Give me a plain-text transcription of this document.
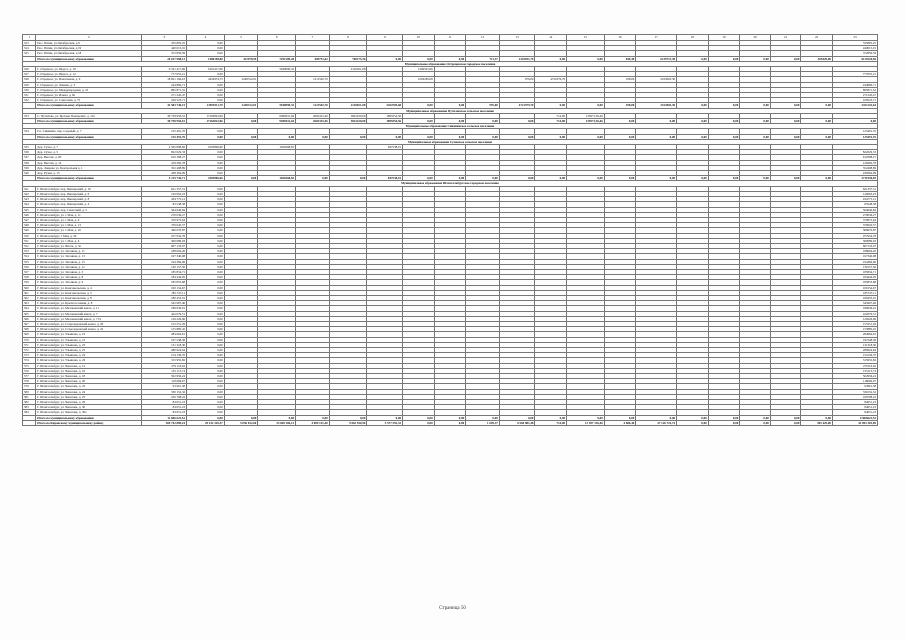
1	2	3	4	5	6	7	8	9	10	11	12	13	14	15	16	17	18	19	20	21	22	23
523	Пос. Пятин, ул.Октябрьская, д.9	335 805,25	0,00																			335805,25
524	Пос. Пятин, ул.Октябрьская, д.19	440 015,91	0,00																			440015,91
525	Пос. Пятин, ул.Октябрьская, д.18	372 859,59	0,00																			372859,59
	Итого по муниципальному образованию	26 017 988,12	1486198,80	412978,59	7291289,28	405751,62	760175,36	0,00	0,00	0,00	711,37	2344951,79	0,00	0,00	830,40	6139713,38	0,00	0,00	0,00	0,00	305429,00	6119244,96
Муниципальное образование Острецовское городское поселение																						
526	Г. Отрадное, ул. Щорса, д. 10	9 341 417,06	9161417,06		5940090,32		2120021,08		1269525,66													
527	Г. Отрадное, ул. Щорса, д. 12	777 055,21	0,00																			777055,21
528	Г. Отрадное, ул. Вокзальная, д. 9	18 821 166,43	4454974,73	2248312,01		1211502,70			1004180,08			976,00	4721979,70		108,00	2163003,30						
529	Г. Отрадное, ул. Ленина, д. 3	244 866,71	0,00																			244866,71
530	Г. Отрадное, ул. Международная, д. 10	895 871,52	0,00																			895871,52
531	Г. Отрадное, ул. Ильич, д. 8а	271 245,47	0,00																			271245,47
532	Г. Отрадное, ул. Советская, д. 75	229 523,71	0,00																			229523,71
	Итого по муниципальному образованию	42 583 746,15	13509311,79	2248312,01	5940090,32	1211502,70	2120021,08	2264705,68	0,00	0,00	976,00	4721979,70	0,00	0,00	108,00	2163003,30	0,00	0,00	0,00	0,00	0,00	2421142,64
Муниципальное образование Путиловское сельское поселение																						
533	С. Путилово, ул. Братьев Пожарских, д. 15а	30 758 956,52	17163822,06		9380431,64	2603415,46	3822220,00	1895554,56					714,00	135971,36,46								
	Итого по муниципальному образованию	30 758 956,52	17163822,06	0,00	9380431,64	2603415,46	3822220,00	1895554,56	0,00	0,00	0,00	0,00	714,00	135971,36,46	0,00	0,00	0,00	0,00	0,00	0,00	0,00	0,00
Муниципальное образование Синявинское сельское поселение																						
534	Г.п. Синявино, пер. Садовый, д. 7	125 491,76	0,00																			125491,76
	Итого по муниципальному образованию	125 491,76	0,00	0,00	0,00	0,00	0,00	0,00	0,00	0,00	0,00	0,00	0,00	0,00	0,00	0,00	0,00	0,00	0,00	0,00	0,00	125491,76
Муниципальное образование Суховское сельское поселение																						
535	Дер. Сухое, д. 7	2 565 808,66	2503806,66		1656268,65			847538,01														
536	Дер. Сухое, д. 5	822 029,33	0,00																			822029,33
537	Дер. Выстав, д. 8б	610 398,27	0,00																			610398,27
538	Дер. Выстав, д. 14	418 282,78	0,00																			418282,78
539	Дер. Лаврово ул. Центральная д. 1	352 498,89	0,00																			352498,89
540	Дер. Ручьи, д. 15	438 364,09	0,00																			438364,09
	Итого по муниципальному образованию	5 215 736,71	2503806,66	0,00	1656268,65	0,00	0,00	847538,01	0,00	0,00	0,00	0,00	0,00	0,00	0,00	0,00	0,00	0,00	0,00	0,00	0,00	2711930,05
Муниципальное образование Шлиссельбургское городское поселение																						
541	Г. Шлиссельбург, пер. Пионерский, д. 10	621 357,51	0,00																			621357,51
542	Г. Шлиссельбург, пер. Пионерский, д. 6	120 063,23	0,00																			120063,23
543	Г. Шлиссельбург, пер. Пионерский, д. 8	434 775,12	0,00																			434775,12
544	Г. Шлиссельбург, пер. Пионерский, д. 4	83 548,38	0,00																			83548,38
545	Г. Шлиссельбург, пер. Советский, д. 5	564 640,84	0,00																			564640,84
546	Г. Шлиссельбург, ул. 1 Мая, д. 11	270 036,27	0,00																			270036,27
547	Г. Шлиссельбург, ул. 1 Мая, д. 9	370 975,64	0,00																			370975,64
548	Г. Шлиссельбург, ул. 1 Мая, д. 13	370 645,57	0,00																			370645,57
549	Г. Шлиссельбург, ул. 1 Мая, д. 16	366 670,87	0,00																			366670,87
550	Г. Шлиссельбург, 1 Мая, д. 20	257 934,78	0,00																			257934,78
551	Г. Шлиссельбург, ул. 1 Мая, д. 4	300 089,93	0,00																			300089,93
552	Г. Шлиссельбург, ул. Флота, д. 3а	607 133,07	0,00																			607133,07
553	Г. Шлиссельбург, ул. Затонная, д. 11	188 604,26	0,00																			188604,26
554	Г. Шлиссельбург, ул. Затонная, д. 13	197 340,08	0,00																			197340,08
555	Г. Шлиссельбург, ул. Затонная, д. 15	194 384,06	0,00																			194384,06
556	Г. Шлиссельбург, ул. Затонная, д. 1а	130 157,56	0,00																			130157,56
557	Г. Шлиссельбург, ул. Затонная, д. 3	185 834,71	0,00																			185834,71
558	Г. Шлиссельбург, ул. Затонная, д. 8	184 444,95	0,00																			184444,95
559	Г. Шлиссельбург, ул. Затонная, д. 9	185 853,68	0,00																			185853,68
560	Г. Шлиссельбург, ул. Комсомольская, д. 4	100 154,67	0,00																			100154,67
561	Г. Шлиссельбург, ул. Комсомольская, д. 5	185 747,11	0,00																			185747,11
562	Г. Шлиссельбург, ул. Комсомольская, д. 8	180 453,01	0,00																			180453,01
563	Г. Шлиссельбург, ул. Красного камня, д. 8	545 907,46	0,00																			545907,46
564	Г. Шлиссельбург, ул. Малоневский канал, д. 11	189 936,01	0,00																			189936,01
565	Г. Шлиссельбург, ул. Малоневский канал, д. 7	422 079,51	0,00																			422079,51
566	Г. Шлиссельбург, ул. Малоневский канал, д. 71/1	129 226,06	0,00																			129226,06
567	Г. Шлиссельбург, ул. Староладожский канал, д. 20	155 551,29	0,00																			155551,29
568	Г. Шлиссельбург, ул. Староладожский канал, д. 22	155 885,45	0,00																			155885,45
569	Г. Шлиссельбург, ул. Ульянова, д. 19	284 664,61	0,00																			284664,61
570	Г. Шлиссельбург, ул. Ульянова, д. 21	197 248,38	0,00																			197248,38
571	Г. Шлиссельбург, ул. Ульянова, д. 23	131 318,30	0,00																			131318,30
572	Г. Шлиссельбург, ул. Ульянова, д. 25	280 924,64	0,00																			280924,64
573	Г. Шлиссельбург, ул. Ульянова, д. 24	154 136,70	0,00																			154136,70
574	Г. Шлиссельбург, ул. Ульянова, д. 26	315 955,82	0,00																			315955,82
575	Г. Шлиссельбург, ул. Чекалова, д. 12	279 116,02	0,00																			279116,02
576	Г. Шлиссельбург, ул. Чекалова, д. 16	155 113,74	0,00																			155113,74
577	Г. Шлиссельбург, ул. Чекалова, д. 18	502 956,24	0,00																			502956,24
578	Г. Шлиссельбург, ул. Чекалова, д. 20	118 066,97	0,00																			118066,97
579	Г. Шлиссельбург, ул. Чекалова, д. 22	93 961,38	0,00																			93961,38
580	Г. Шлиссельбург, ул. Чекалова, д. 24	330 152,32	0,00																			330152,32
581	Г. Шлиссельбург, ул. Чекалова, д. 25	106 708,22	0,00																			106708,22
582	Г. Шлиссельбург, ул. Чекалова, д. 29	84 651,23	0,00																			84651,23
583	Г. Шлиссельбург, ул. Чекалова, д. 30	84 651,23	0,00																			84651,23
584	Г. Шлиссельбург, ул. Чекалова, д. 30а	84 651,23	0,00																			84651,23
	Итого по муниципальному образованию	11 606 622,52	0,00	0,00	0,00	0,00	0,00	0,00	0,00	0,00	0,00	0,00	0,00	0,00	0,00	0,00	0,00	0,00	0,00	0,00	0,00	11606622,52
	Итого по Кировскому муниципальному району	369 742 889,24	29 232 316,37	5 056 812,60	33 048 106,12	4 089 141,40	9 062 550,96	5 577 592,33	0,00	0,00	1 649,37	6 960 881,48	714,00	13 597 136,46	4 686,40	47 126 722,74	0,00	0,00	0,00	0,00	305 429,00	42 093 303,89
Страница 50
